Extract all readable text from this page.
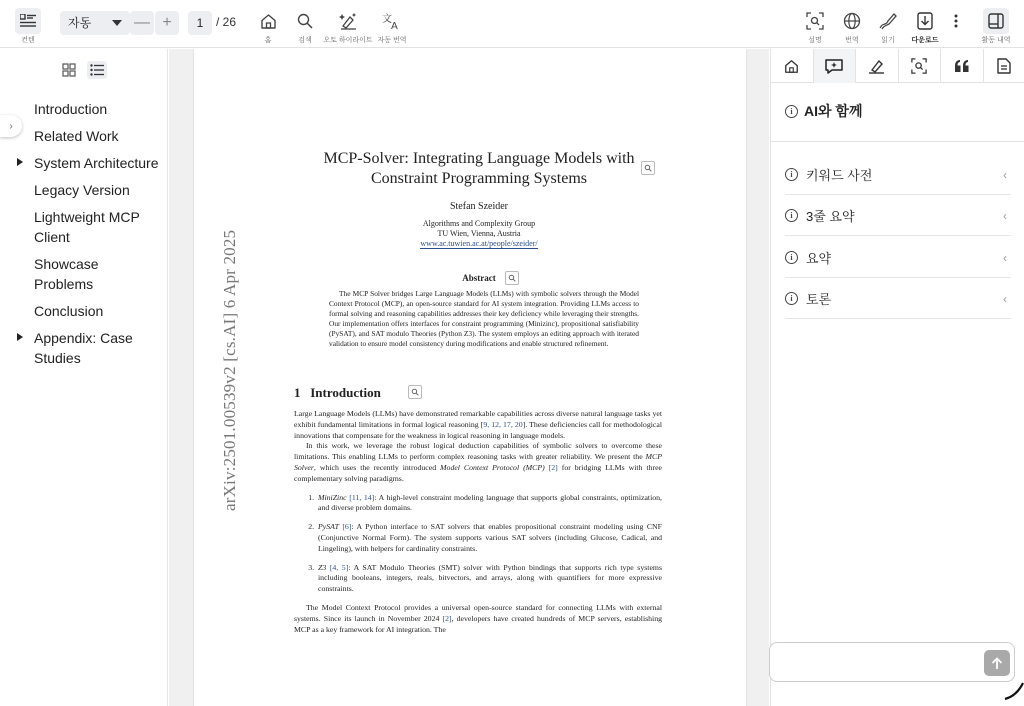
컨텐
자동	— +	1	/ 26
홈	검색 오토 하이라이트
文
A
자동 번역	설명	번역	읽기 다운로드	활동 내역
›
Introduction
Related Work
System Architecture
Legacy Version
Lightweight MCP Client
Showcase Problems
Conclusion
Appendix: Case Studies	arXiv:2501.00539v2 [cs.AI] 6 Apr 2025
MCP-Solver: Integrating Language Models with
Constraint Programming Systems
Stefan Szeider
Algorithms and Complexity Group
TU Wien, Vienna, Austria
www.ac.tuwien.ac.at/people/szeider/
Abstract
The MCP Solver bridges Large Language Models (LLMs) with symbolic solvers through the Model Context Protocol (MCP), an open-source standard for AI system integration. Providing LLMs access to formal solving and reasoning capabilities addresses their key deficiency while leveraging their strengths. Our implementation offers interfaces for constraint programming (Minizinc), propositional satisfiability (PySAT), and SAT modulo Theories (Python Z3). The system employs an editing approach with iterated validation to ensure model consistency during modifications and enable structured refinement.
1 Introduction

Large Language Models (LLMs) have demonstrated remarkable capabilities across diverse natural language tasks yet exhibit fundamental limitations in formal logical reasoning [9, 12, 17, 20]. These deficiencies call for methodological innovations that compensate for the weakness in logical reasoning in language models.

In this work, we leverage the robust logical deduction capabilities of symbolic solvers to overcome these limitations. This enabling LLMs to perform complex reasoning tasks with greater reliability. We present the MCP Solver, which uses the recently introduced Model Context Protocol (MCP) [2] for bridging LLMs with three complementary solving paradigms.

1. MiniZinc [11, 14]: A high-level constraint modeling language that supports global constraints, optimization, and diverse problem domains.
2. PySAT [6]: A Python interface to SAT solvers that enables propositional constraint modeling using CNF (Conjunctive Normal Form). The system supports various SAT solvers (including Glucose, Cadical, and Lingeling), with helpers for cardinality constraints.
3. Z3 [4, 5]: A SAT Modulo Theories (SMT) solver with Python bindings that supports rich type systems including booleans, integers, reals, bitvectors, and arrays, along with quantifiers for more expressive constraints.

The Model Context Protocol provides a universal open-source standard for connecting LLMs with external systems. Since its launch in November 2024 [2], developers have created hundreds of MCP servers, establishing MCP as a key framework for AI integration. The

i AI와 함께
i	키워드 사전	‹
i	3줄 요약	‹
i	요약	‹
i	토론	‹
